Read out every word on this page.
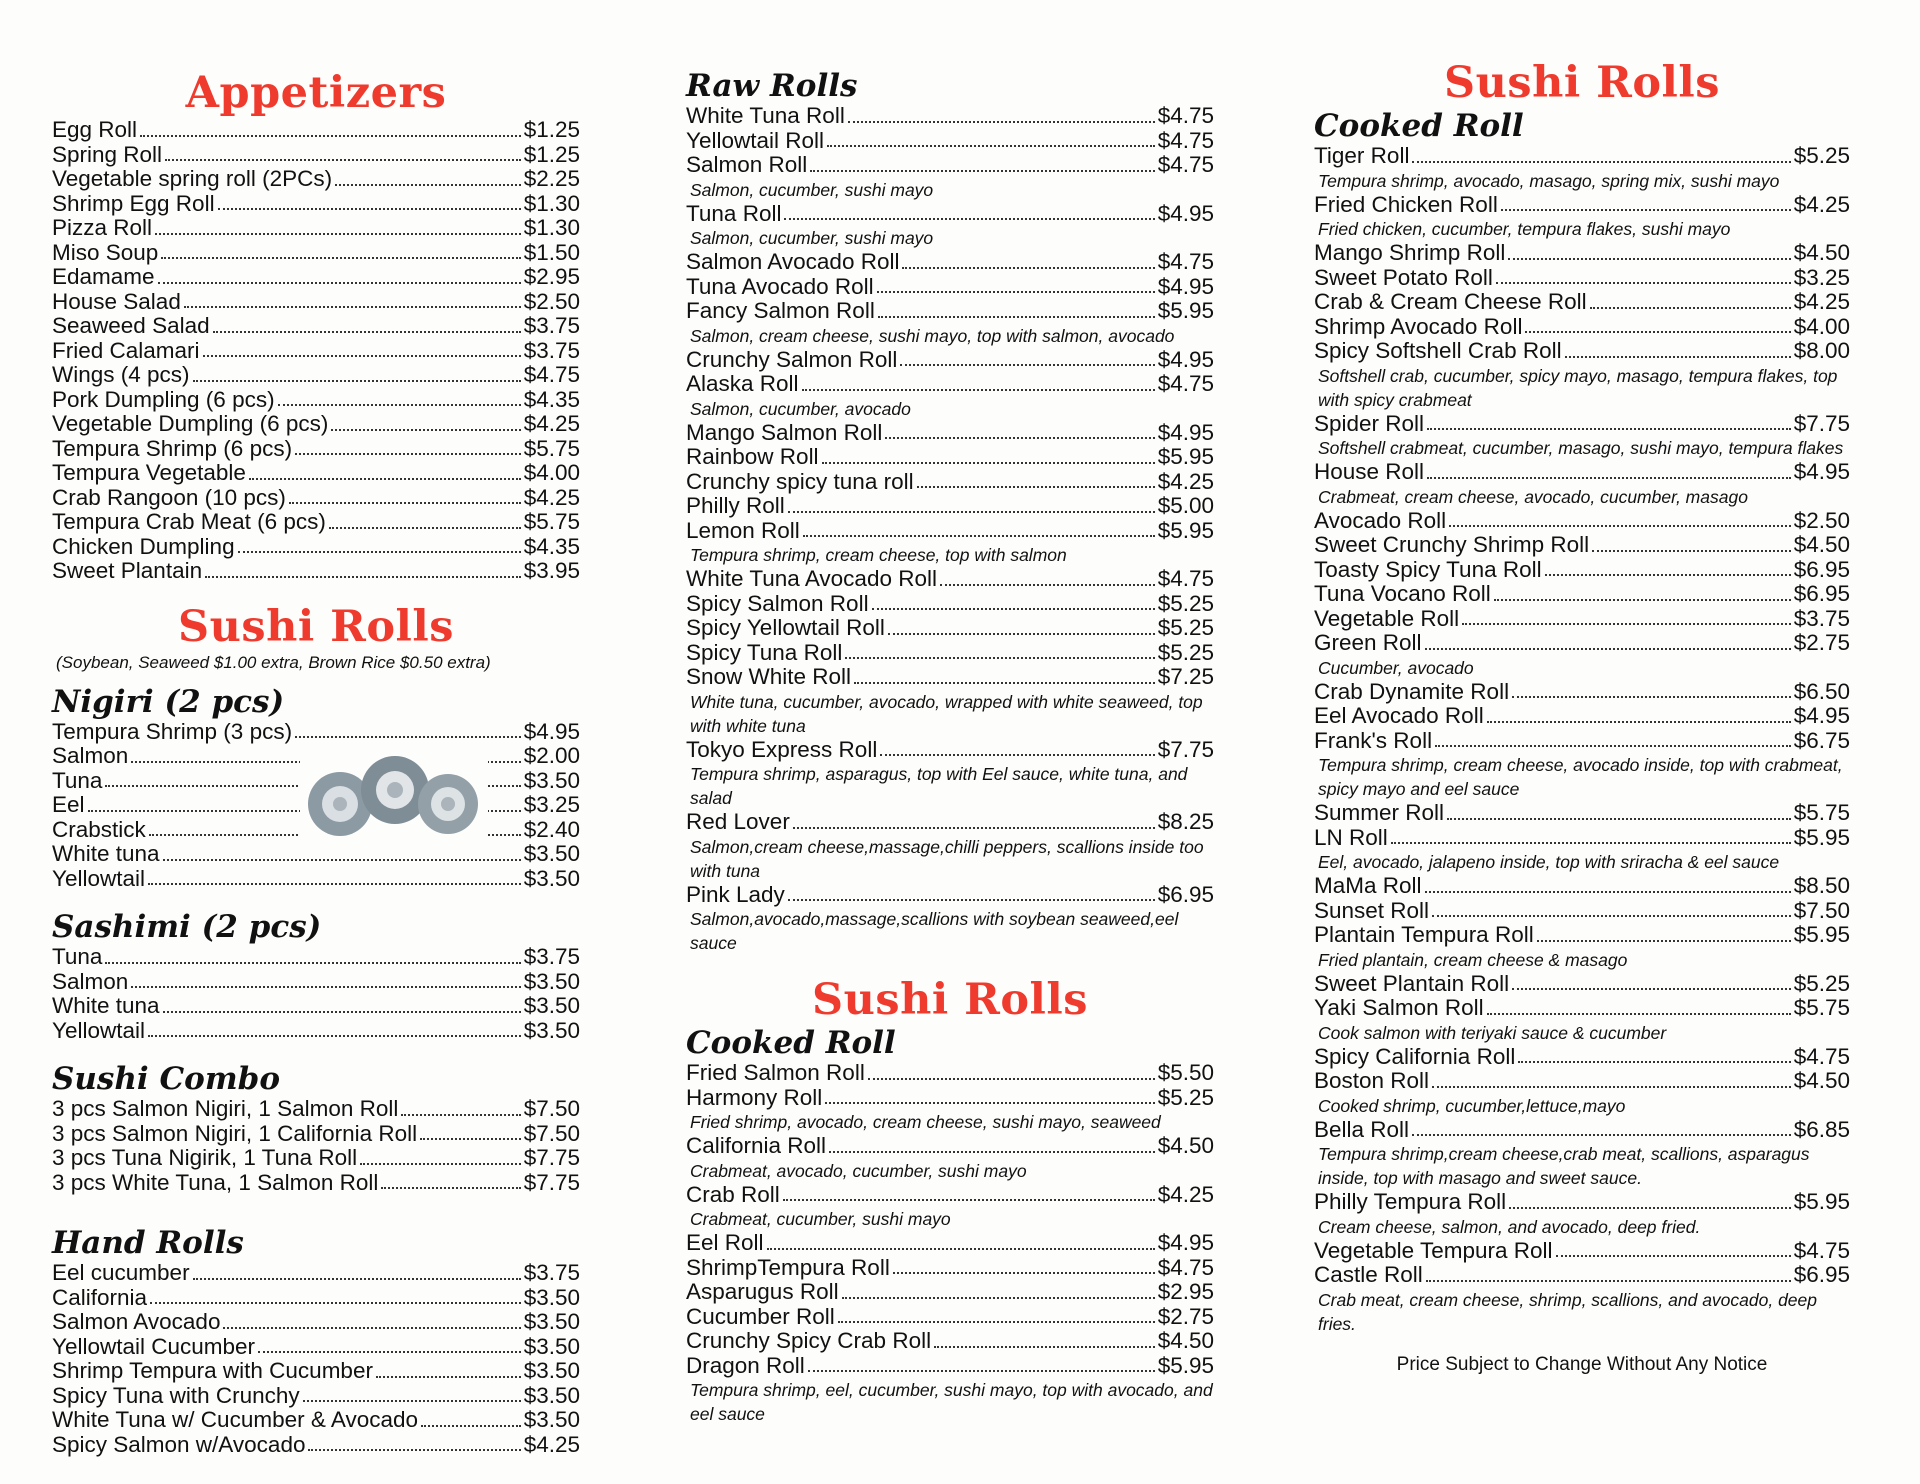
Appetizers
Egg Roll	$1.25
Spring Roll	$1.25
Vegetable spring roll (2PCs)	$2.25
Shrimp Egg Roll	$1.30
Pizza Roll	$1.30
Miso Soup	$1.50
Edamame	$2.95
House Salad	$2.50
Seaweed Salad	$3.75
Fried Calamari	$3.75
Wings (4 pcs)	$4.75
Pork Dumpling (6 pcs)	$4.35
Vegetable Dumpling (6 pcs)	$4.25
Tempura Shrimp (6 pcs)	$5.75
Tempura Vegetable	$4.00
Crab Rangoon (10 pcs)	$4.25
Tempura Crab Meat (6 pcs)	$5.75
Chicken Dumpling	$4.35
Sweet Plantain	$3.95
Sushi Rolls
(Soybean, Seaweed $1.00 extra, Brown Rice $0.50 extra)
Nigiri (2 pcs)
Tempura Shrimp (3 pcs)	$4.95
Salmon	$2.00
Tuna	$3.50
Eel	$3.25
Crabstick	$2.40
White tuna	$3.50
Yellowtail	$3.50
Sashimi (2 pcs)
Tuna	$3.75
Salmon	$3.50
White tuna	$3.50
Yellowtail	$3.50
Sushi Combo
3 pcs Salmon Nigiri, 1 Salmon Roll	$7.50
3 pcs Salmon Nigiri, 1 California Roll	$7.50
3 pcs Tuna Nigirik, 1 Tuna Roll	$7.75
3 pcs White Tuna, 1 Salmon Roll	$7.75
Hand Rolls
Eel cucumber	$3.75
California	$3.50
Salmon Avocado	$3.50
Yellowtail Cucumber	$3.50
Shrimp Tempura with Cucumber	$3.50
Spicy Tuna with Crunchy	$3.50
White Tuna w/ Cucumber & Avocado	$3.50
Spicy Salmon w/Avocado	$4.25
Raw Rolls
White Tuna Roll	$4.75
Yellowtail Roll	$4.75
Salmon Roll	$4.75
Salmon, cucumber, sushi mayo
Tuna Roll	$4.95
Salmon, cucumber, sushi mayo
Salmon Avocado Roll	$4.75
Tuna Avocado Roll	$4.95
Fancy Salmon Roll	$5.95
Salmon, cream cheese, sushi mayo, top with salmon, avocado
Crunchy Salmon Roll	$4.95
Alaska Roll	$4.75
Salmon, cucumber, avocado
Mango Salmon Roll	$4.95
Rainbow Roll	$5.95
Crunchy spicy tuna roll	$4.25
Philly Roll	$5.00
Lemon Roll	$5.95
Tempura shrimp, cream cheese, top with salmon
White Tuna Avocado Roll	$4.75
Spicy Salmon Roll	$5.25
Spicy Yellowtail Roll	$5.25
Spicy Tuna Roll	$5.25
Snow White Roll	$7.25
White tuna, cucumber, avocado, wrapped with white seaweed, top with white tuna
Tokyo Express Roll	$7.75
Tempura shrimp, asparagus, top with Eel sauce, white tuna, and salad
Red Lover	$8.25
Salmon,cream cheese,massage,chilli peppers, scallions inside too with tuna
Pink Lady	$6.95
Salmon,avocado,massage,scallions with soybean seaweed,eel sauce
Sushi Rolls
Cooked Roll
Fried Salmon Roll	$5.50
Harmony Roll	$5.25
Fried shrimp, avocado, cream cheese, sushi mayo, seaweed
California Roll	$4.50
Crabmeat, avocado, cucumber, sushi mayo
Crab Roll	$4.25
Crabmeat, cucumber, sushi mayo
Eel Roll	$4.95
ShrimpTempura Roll	$4.75
Asparugus Roll	$2.95
Cucumber Roll	$2.75
Crunchy Spicy Crab Roll	$4.50
Dragon Roll	$5.95
Tempura shrimp, eel, cucumber, sushi mayo, top with avocado, and eel sauce
Sushi Rolls
Cooked Roll
Tiger Roll	$5.25
Tempura shrimp, avocado, masago, spring mix, sushi mayo
Fried Chicken Roll	$4.25
Fried chicken, cucumber, tempura flakes, sushi mayo
Mango Shrimp Roll	$4.50
Sweet Potato Roll	$3.25
Crab & Cream Cheese Roll	$4.25
Shrimp Avocado Roll	$4.00
Spicy Softshell Crab Roll	$8.00
Softshell crab, cucumber, spicy mayo, masago, tempura flakes, top with spicy crabmeat
Spider Roll	$7.75
Softshell crabmeat, cucumber, masago, sushi mayo, tempura flakes
House Roll	$4.95
Crabmeat, cream cheese, avocado, cucumber, masago
Avocado Roll	$2.50
Sweet Crunchy Shrimp Roll	$4.50
Toasty Spicy Tuna Roll	$6.95
Tuna Vocano Roll	$6.95
Vegetable Roll	$3.75
Green Roll	$2.75
Cucumber, avocado
Crab Dynamite Roll	$6.50
Eel Avocado Roll	$4.95
Frank's Roll	$6.75
Tempura shrimp, cream cheese, avocado inside, top with crabmeat, spicy mayo and eel sauce
Summer Roll	$5.75
LN Roll	$5.95
Eel, avocado, jalapeno inside, top with sriracha & eel sauce
MaMa Roll	$8.50
Sunset Roll	$7.50
Plantain Tempura Roll	$5.95
Fried plantain, cream cheese & masago
Sweet Plantain Roll	$5.25
Yaki Salmon Roll	$5.75
Cook salmon with teriyaki sauce & cucumber
Spicy California Roll	$4.75
Boston Roll	$4.50
Cooked shrimp, cucumber,lettuce,mayo
Bella Roll	$6.85
Tempura shrimp,cream cheese,crab meat, scallions, asparagus inside, top with masago and sweet sauce.
Philly Tempura Roll	$5.95
Cream cheese, salmon, and avocado, deep fried.
Vegetable Tempura Roll	$4.75
Castle Roll	$6.95
Crab meat, cream cheese, shrimp, scallions, and avocado, deep fries.
Price Subject to Change Without Any Notice
